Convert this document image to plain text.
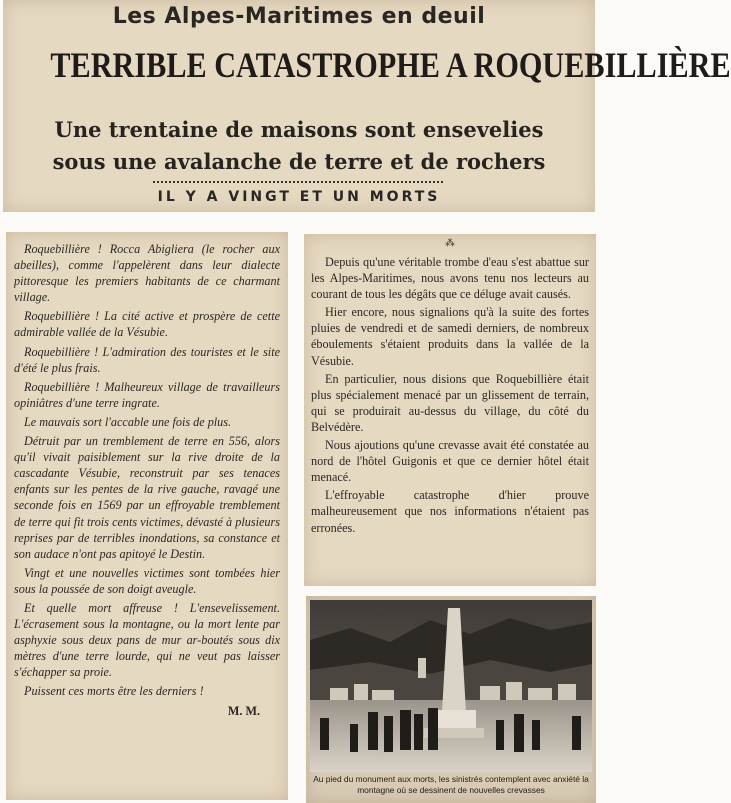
Les Alpes-Maritimes en deuil
TERRIBLE CATASTROPHE A ROQUEBILLIÈRE
Une trentaine de maisons sont ensevelies
sous une avalanche de terre et de rochers
IL Y A VINGT ET UN MORTS

Roquebillière ! Rocca Abigliera (le rocher aux abeilles), comme l'appelèrent dans leur dialecte pittoresque les premiers habitants de ce charmant village.

Roquebillière ! La cité active et prospère de cette admirable vallée de la Vésubie.

Roquebillière ! L'admiration des touristes et le site d'été le plus frais.

Roquebillière ! Malheureux village de travailleurs opiniâtres d'une terre ingrate.

Le mauvais sort l'accable une fois de plus.

Détruit par un tremblement de terre en 556, alors qu'il vivait paisiblement sur la rive droite de la cascadante Vésubie, reconstruit par ses tenaces enfants sur les pentes de la rive gauche, ravagé une seconde fois en 1569 par un effroyable tremblement de terre qui fit trois cents victimes, dévasté à plusieurs reprises par de terribles inondations, sa constance et son audace n'ont pas apitoyé le Destin.

Vingt et une nouvelles victimes sont tombées hier sous la poussée de son doigt aveugle.

Et quelle mort affreuse ! L'ensevelissement. L'écrasement sous la montagne, ou la mort lente par asphyxie sous deux pans de mur ar-boutés sous dix mètres d'une terre lourde, qui ne veut pas laisser s'échapper sa proie.

Puissent ces morts être les derniers !

M. M.
⁂

Depuis qu'une véritable trombe d'eau s'est abattue sur les Alpes-Maritimes, nous avons tenu nos lecteurs au courant de tous les dégâts que ce déluge avait causés.

Hier encore, nous signalions qu'à la suite des fortes pluies de vendredi et de samedi derniers, de nombreux éboulements s'étaient produits dans la vallée de la Vésubie.

En particulier, nous disions que Roquebillière était plus spécialement menacé par un glissement de terrain, qui se produirait au-dessus du village, du côté du Belvédère.

Nous ajoutions qu'une crevasse avait été constatée au nord de l'hôtel Guigonis et que ce dernier hôtel était menacé.

L'effroyable catastrophe d'hier prouve malheureusement que nos informations n'étaient pas erronées.

Au pied du monument aux morts, les sinistrés contemplent avec anxiété la montagne où se dessinent de nouvelles crevasses
